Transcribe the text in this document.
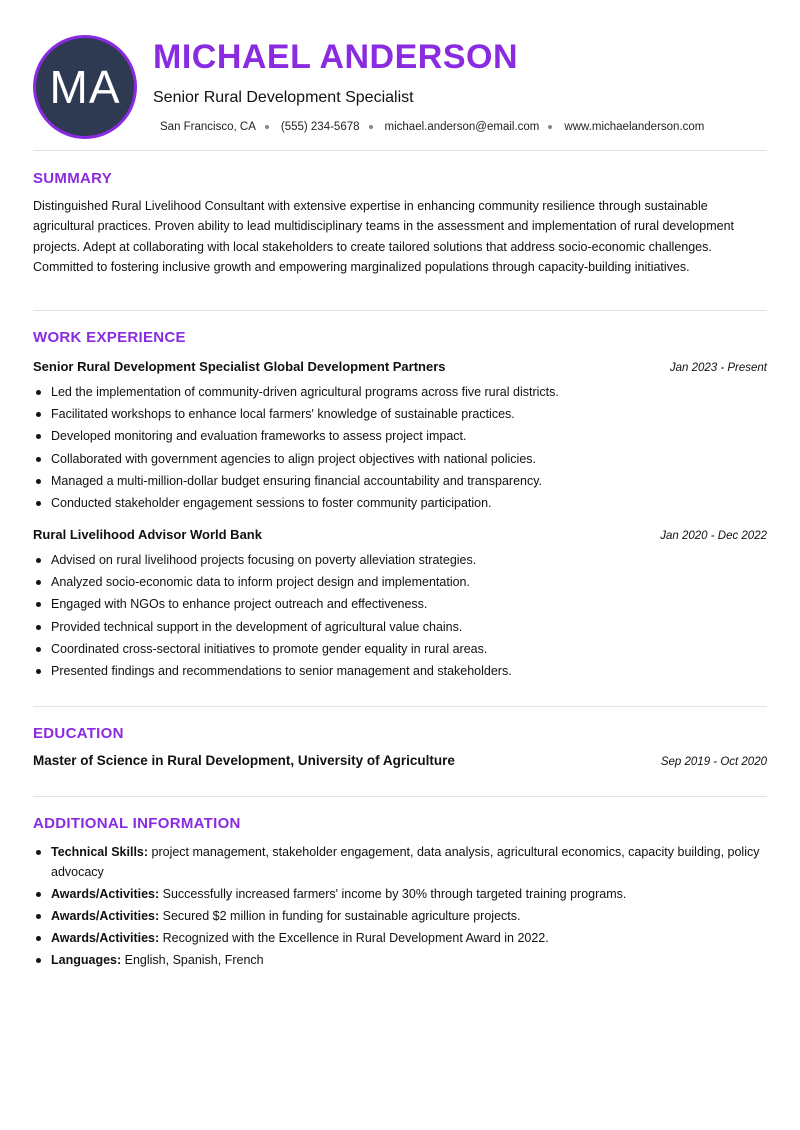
MA
MICHAEL ANDERSON
Senior Rural Development Specialist
San Francisco, CA (555) 234-5678 michael.anderson@email.com www.michaelanderson.com
SUMMARY

Distinguished Rural Livelihood Consultant with extensive expertise in enhancing community resilience through sustainable agricultural practices. Proven ability to lead multidisciplinary teams in the assessment and implementation of rural development projects. Adept at collaborating with local stakeholders to create tailored solutions that address socio-economic challenges. Committed to fostering inclusive growth and empowering marginalized populations through capacity-building initiatives.

WORK EXPERIENCE
Senior Rural Development Specialist Global Development Partners	Jan 2023 - Present
Led the implementation of community-driven agricultural programs across five rural districts.
Facilitated workshops to enhance local farmers' knowledge of sustainable practices.
Developed monitoring and evaluation frameworks to assess project impact.
Collaborated with government agencies to align project objectives with national policies.
Managed a multi-million-dollar budget ensuring financial accountability and transparency.
Conducted stakeholder engagement sessions to foster community participation.
Rural Livelihood Advisor World Bank	Jan 2020 - Dec 2022
Advised on rural livelihood projects focusing on poverty alleviation strategies.
Analyzed socio-economic data to inform project design and implementation.
Engaged with NGOs to enhance project outreach and effectiveness.
Provided technical support in the development of agricultural value chains.
Coordinated cross-sectoral initiatives to promote gender equality in rural areas.
Presented findings and recommendations to senior management and stakeholders.
EDUCATION
Master of Science in Rural Development, University of Agriculture	Sep 2019 - Oct 2020
ADDITIONAL INFORMATION
Technical Skills: project management, stakeholder engagement, data analysis, agricultural economics, capacity building, policy advocacy
Awards/Activities: Successfully increased farmers' income by 30% through targeted training programs.
Awards/Activities: Secured $2 million in funding for sustainable agriculture projects.
Awards/Activities: Recognized with the Excellence in Rural Development Award in 2022.
Languages: English, Spanish, French
